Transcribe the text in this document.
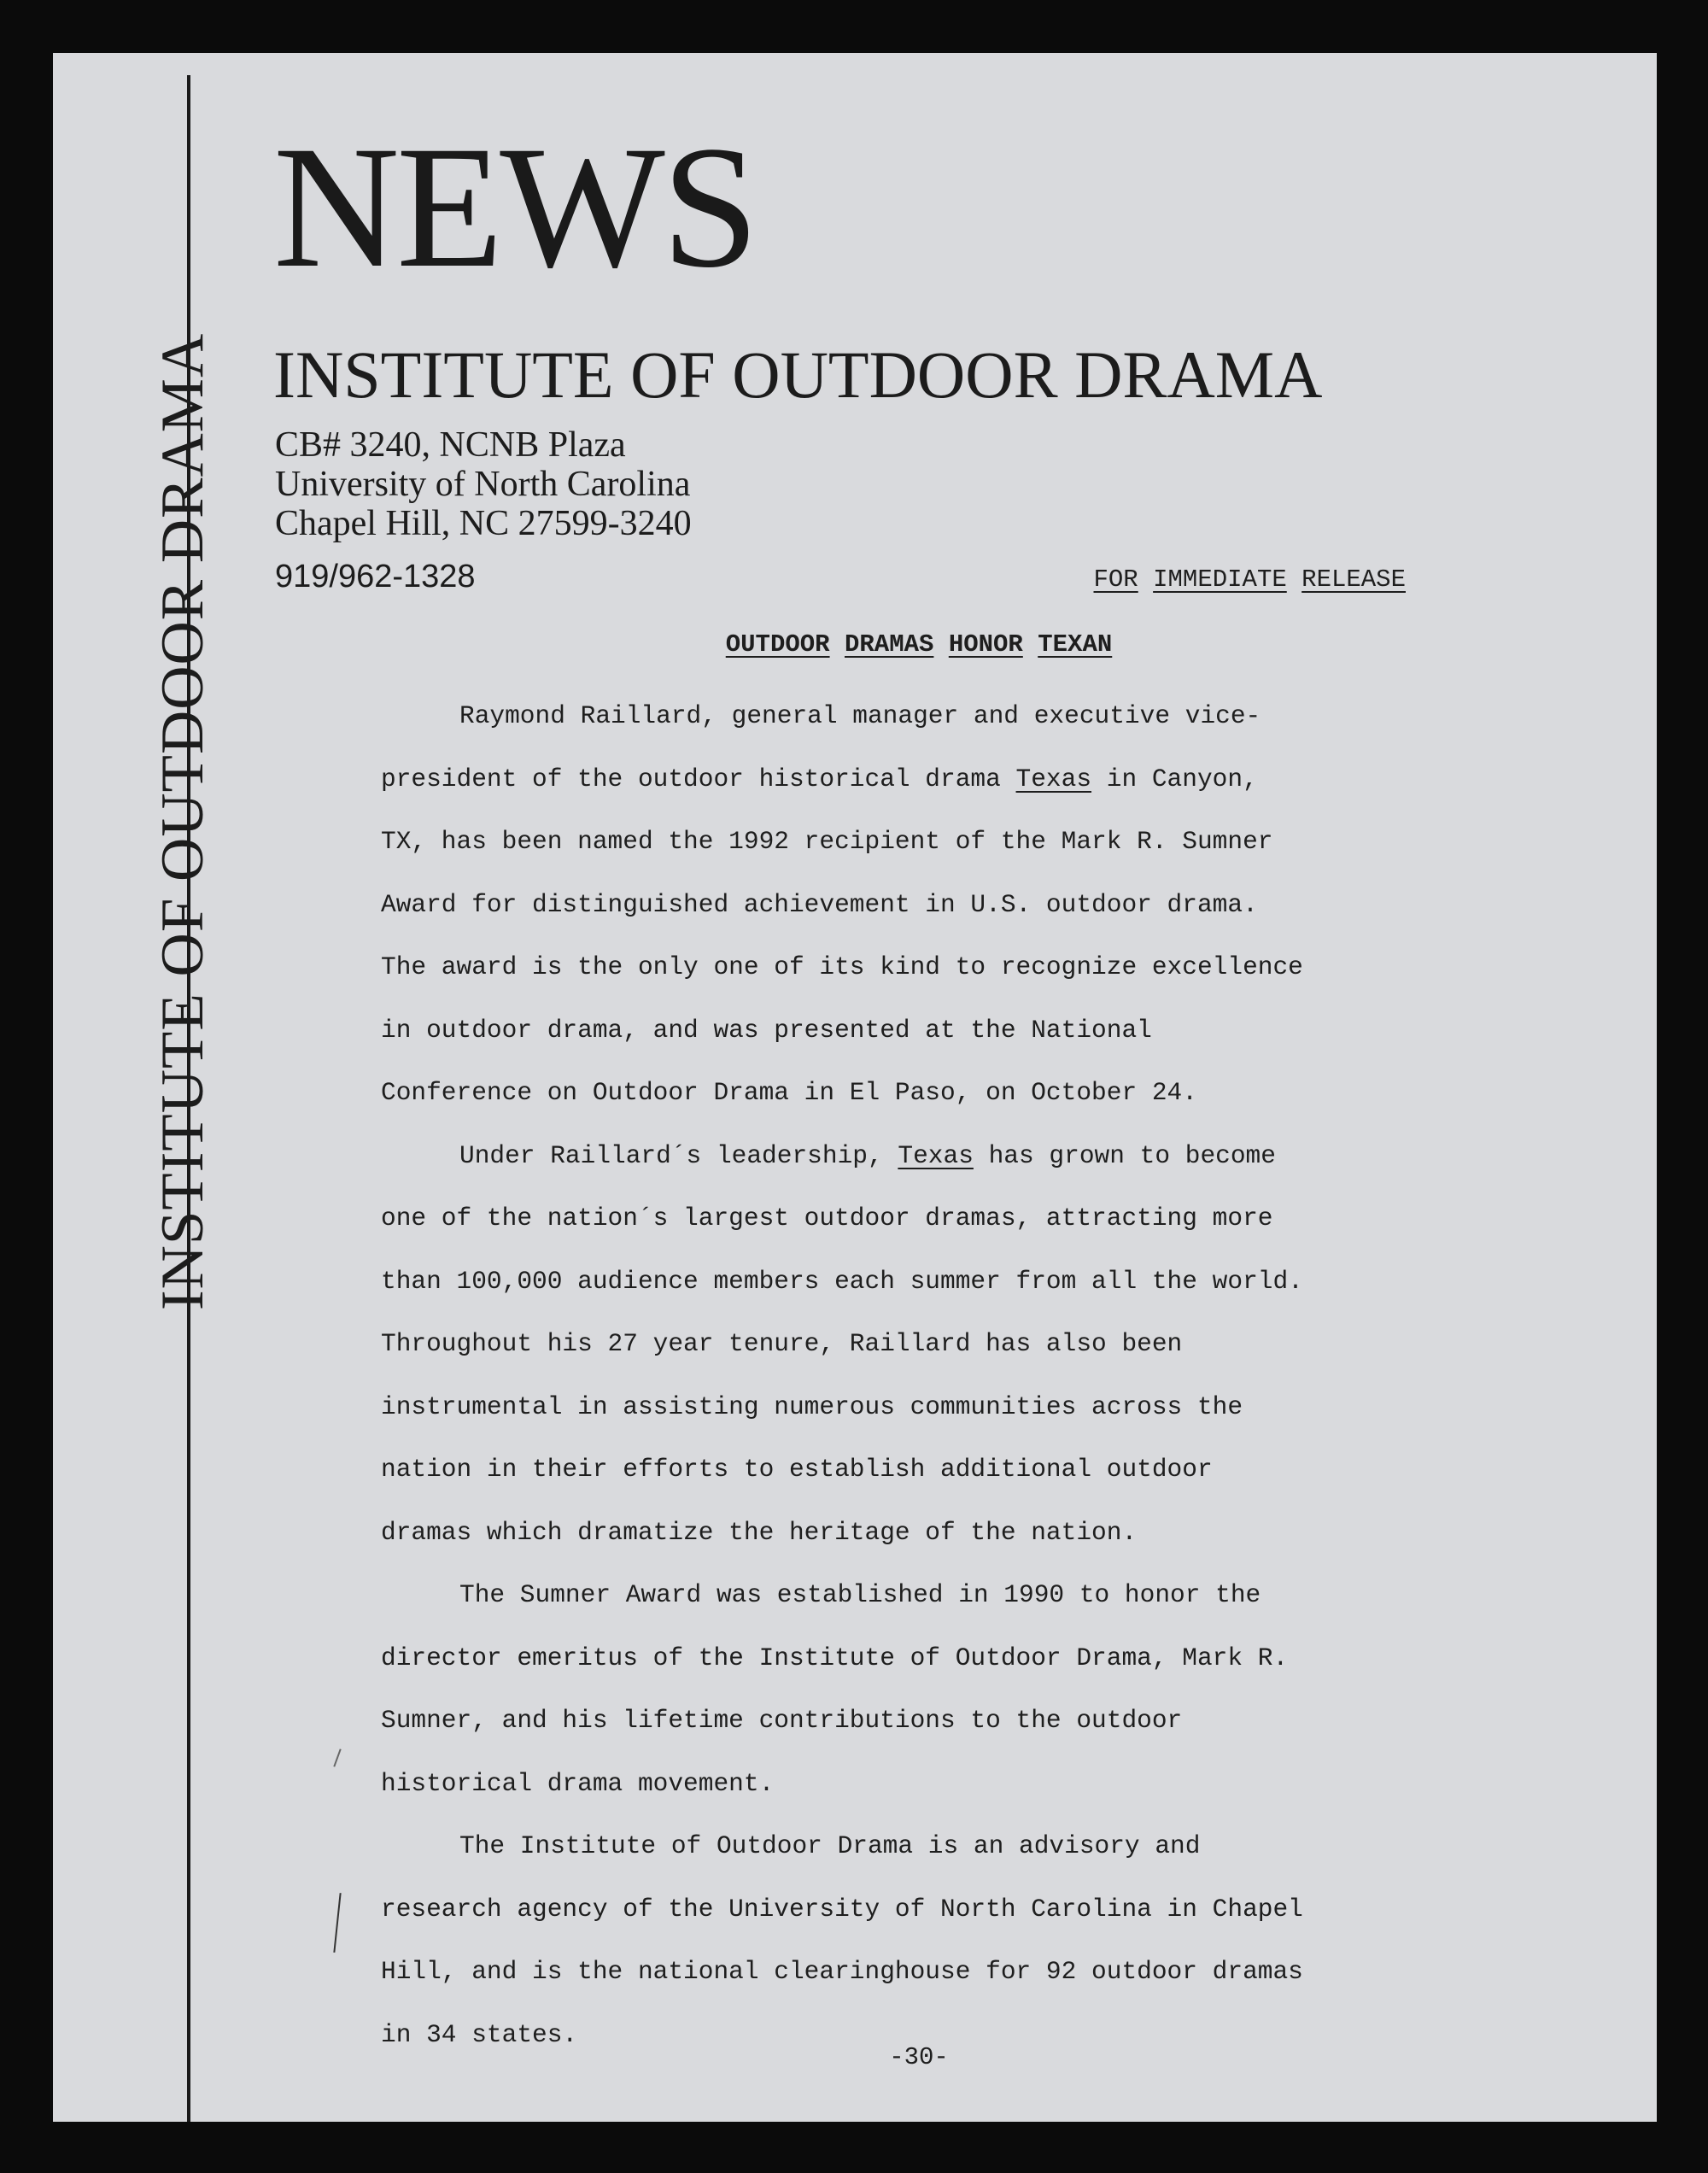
INSTITUTE OF OUTDOOR DRAMA
NEWS
INSTITUTE OF OUTDOOR DRAMA
CB# 3240, NCNB Plaza
University of North Carolina
Chapel Hill, NC 27599-3240
919/962-1328	FOR IMMEDIATE RELEASE
OUTDOOR DRAMAS HONOR TEXAN

Raymond Raillard, general manager and executive vice-
president of the outdoor historical drama Texas in Canyon,
TX, has been named the 1992 recipient of the Mark R. Sumner
Award for distinguished achievement in U.S. outdoor drama.
The award is the only one of its kind to recognize excellence
in outdoor drama, and was presented at the National
Conference on Outdoor Drama in El Paso, on October 24.

Under Raillard´s leadership, Texas has grown to become
one of the nation´s largest outdoor dramas, attracting more
than 100,000 audience members each summer from all the world.
Throughout his 27 year tenure, Raillard has also been
instrumental in assisting numerous communities across the
nation in their efforts to establish additional outdoor
dramas which dramatize the heritage of the nation.

The Sumner Award was established in 1990 to honor the
director emeritus of the Institute of Outdoor Drama, Mark R.
Sumner, and his lifetime contributions to the outdoor
historical drama movement.

The Institute of Outdoor Drama is an advisory and
research agency of the University of North Carolina in Chapel
Hill, and is the national clearinghouse for 92 outdoor dramas
in 34 states.

-30-
